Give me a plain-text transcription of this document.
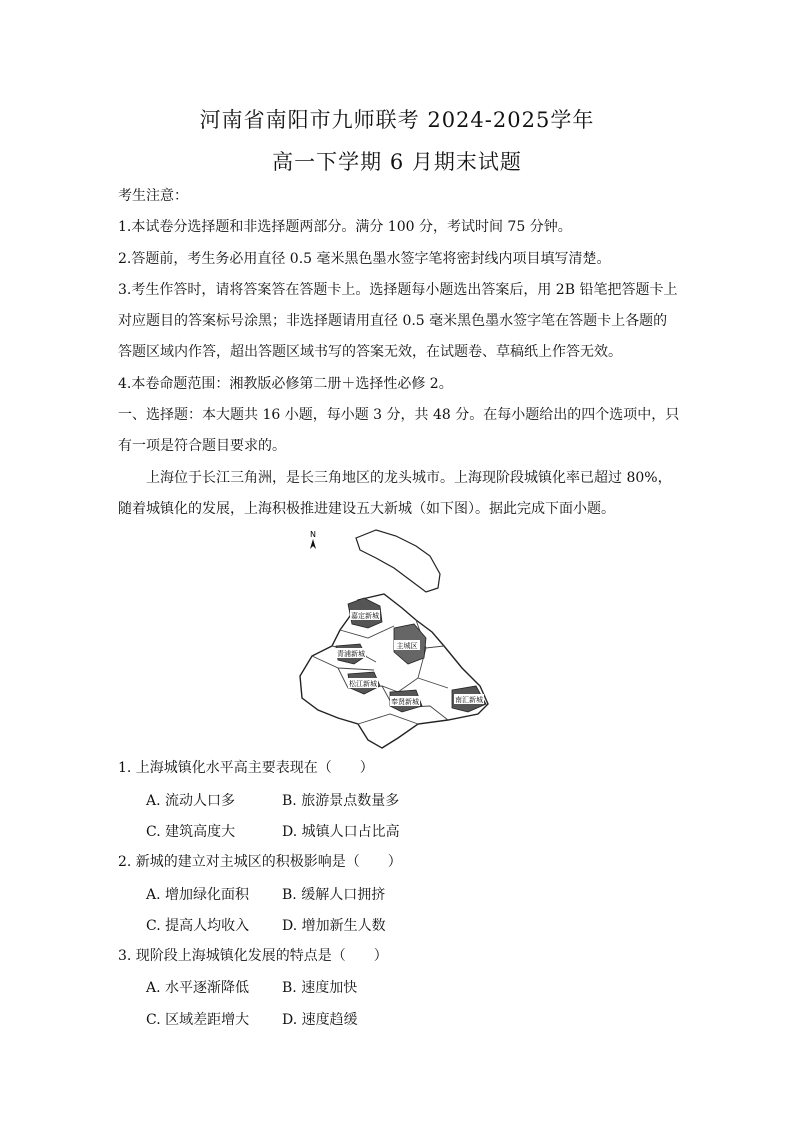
河南省南阳市九师联考 2024-2025学年
高一下学期 6 月期末试题
考生注意：
1.本试卷分选择题和非选择题两部分。满分 100 分，考试时间 75 分钟。
2.答题前，考生务必用直径 0.5 毫米黑色墨水签字笔将密封线内项目填写清楚。
3.考生作答时，请将答案答在答题卡上。选择题每小题选出答案后，用 2B 铅笔把答题卡上
对应题目的答案标号涂黑；非选择题请用直径 0.5 毫米黑色墨水签字笔在答题卡上各题的
答题区域内作答，超出答题区域书写的答案无效，在试题卷、草稿纸上作答无效。
4.本卷命题范围：湘教版必修第二册＋选择性必修 2。
一、选择题：本大题共 16 小题，每小题 3 分，共 48 分。在每小题给出的四个选项中，只
有一项是符合题目要求的。
上海位于长江三角洲，是长三角地区的龙头城市。上海现阶段城镇化率已超过 80%，
随着城镇化的发展，上海积极推进建设五大新城（如下图）。据此完成下面小题。
N
嘉定新城
主城区
青浦新城
松江新城
奉贤新城	南汇新城
1. 上海城镇化水平高主要表现在（　　）
A. 流动人口多	B. 旅游景点数量多
C. 建筑高度大	D. 城镇人口占比高
2. 新城的建立对主城区的积极影响是（　　）
A. 增加绿化面积 B. 缓解人口拥挤
C. 提高人均收入 D. 增加新生人数
3. 现阶段上海城镇化发展的特点是（　　）
A. 水平逐渐降低 B. 速度加快
C. 区域差距增大 D. 速度趋缓
